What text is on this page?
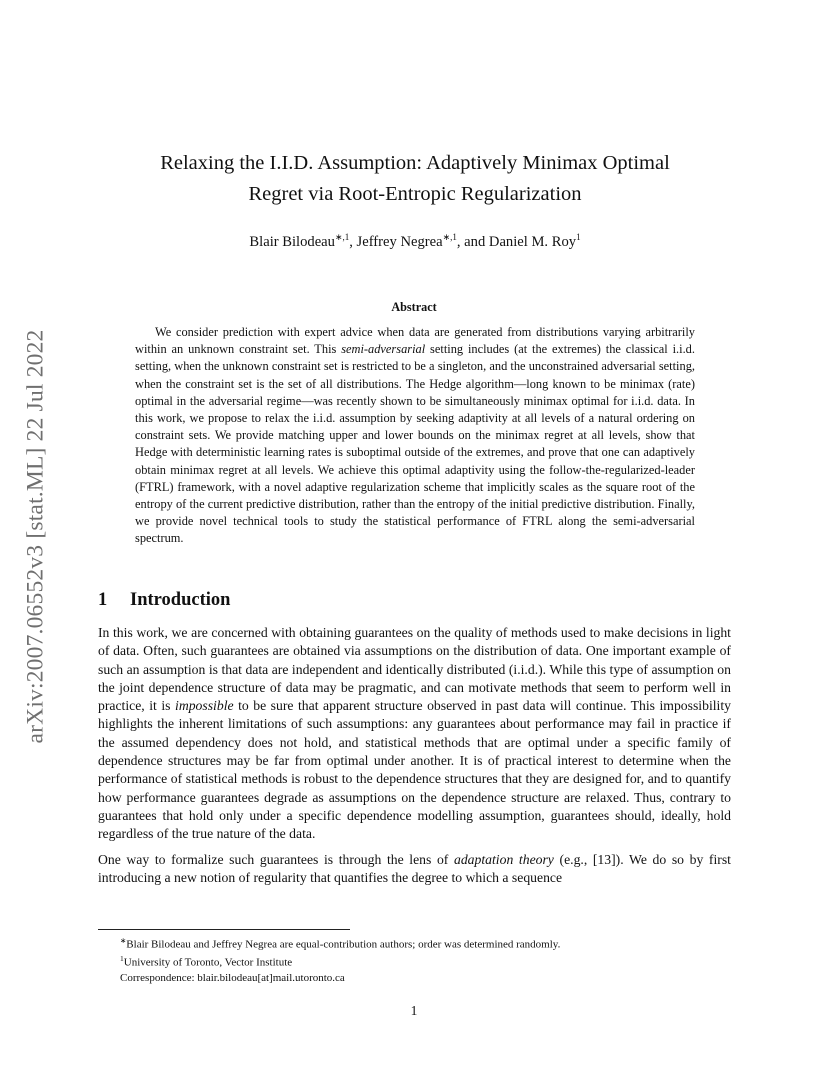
arXiv:2007.06552v3 [stat.ML] 22 Jul 2022
Relaxing the I.I.D. Assumption: Adaptively Minimax Optimal
Regret via Root-Entropic Regularization
Blair Bilodeau$^{∗,1}$, Jeffrey Negrea$^{∗,1}$, and Daniel M. Roy$^1$
Abstract

We consider prediction with expert advice when data are generated from distributions varying arbitrarily within an unknown constraint set. This semi-adversarial setting includes (at the extremes) the classical i.i.d. setting, when the unknown constraint set is restricted to be a singleton, and the unconstrained adversarial setting, when the constraint set is the set of all distributions. The Hedge algorithm—long known to be minimax (rate) optimal in the adversarial regime—was recently shown to be simultaneously minimax optimal for i.i.d. data. In this work, we propose to relax the i.i.d. assumption by seeking adaptivity at all levels of a natural ordering on constraint sets. We provide matching upper and lower bounds on the minimax regret at all levels, show that Hedge with deterministic learning rates is suboptimal outside of the extremes, and prove that one can adaptively obtain minimax regret at all levels. We achieve this optimal adaptivity using the follow-the-regularized-leader (FTRL) framework, with a novel adaptive regularization scheme that implicitly scales as the square root of the entropy of the current predictive distribution, rather than the entropy of the initial predictive distribution. Finally, we provide novel technical tools to study the statistical performance of FTRL along the semi-adversarial spectrum.

1 Introduction

In this work, we are concerned with obtaining guarantees on the quality of methods used to make decisions in light of data. Often, such guarantees are obtained via assumptions on the distribution of data. One important example of such an assumption is that data are independent and identically distributed (i.i.d.). While this type of assumption on the joint dependence structure of data may be pragmatic, and can motivate methods that seem to perform well in practice, it is impossible to be sure that apparent structure observed in past data will continue. This impossibility highlights the inherent limitations of such assumptions: any guarantees about performance may fail in practice if the assumed dependency does not hold, and statistical methods that are optimal under a specific family of dependence structures may be far from optimal under another. It is of practical interest to determine when the performance of statistical methods is robust to the dependence structures that they are designed for, and to quantify how performance guarantees degrade as assumptions on the dependence structure are relaxed. Thus, contrary to guarantees that hold only under a specific dependence modelling assumption, guarantees should, ideally, hold regardless of the true nature of the data.

One way to formalize such guarantees is through the lens of adaptation theory (e.g., [13]). We do so by first introducing a new notion of regularity that quantifies the degree to which a sequence

∗Blair Bilodeau and Jeffrey Negrea are equal-contribution authors; order was determined randomly.
$^1$University of Toronto, Vector Institute
Correspondence: blair.bilodeau[at]mail.utoronto.ca
1
